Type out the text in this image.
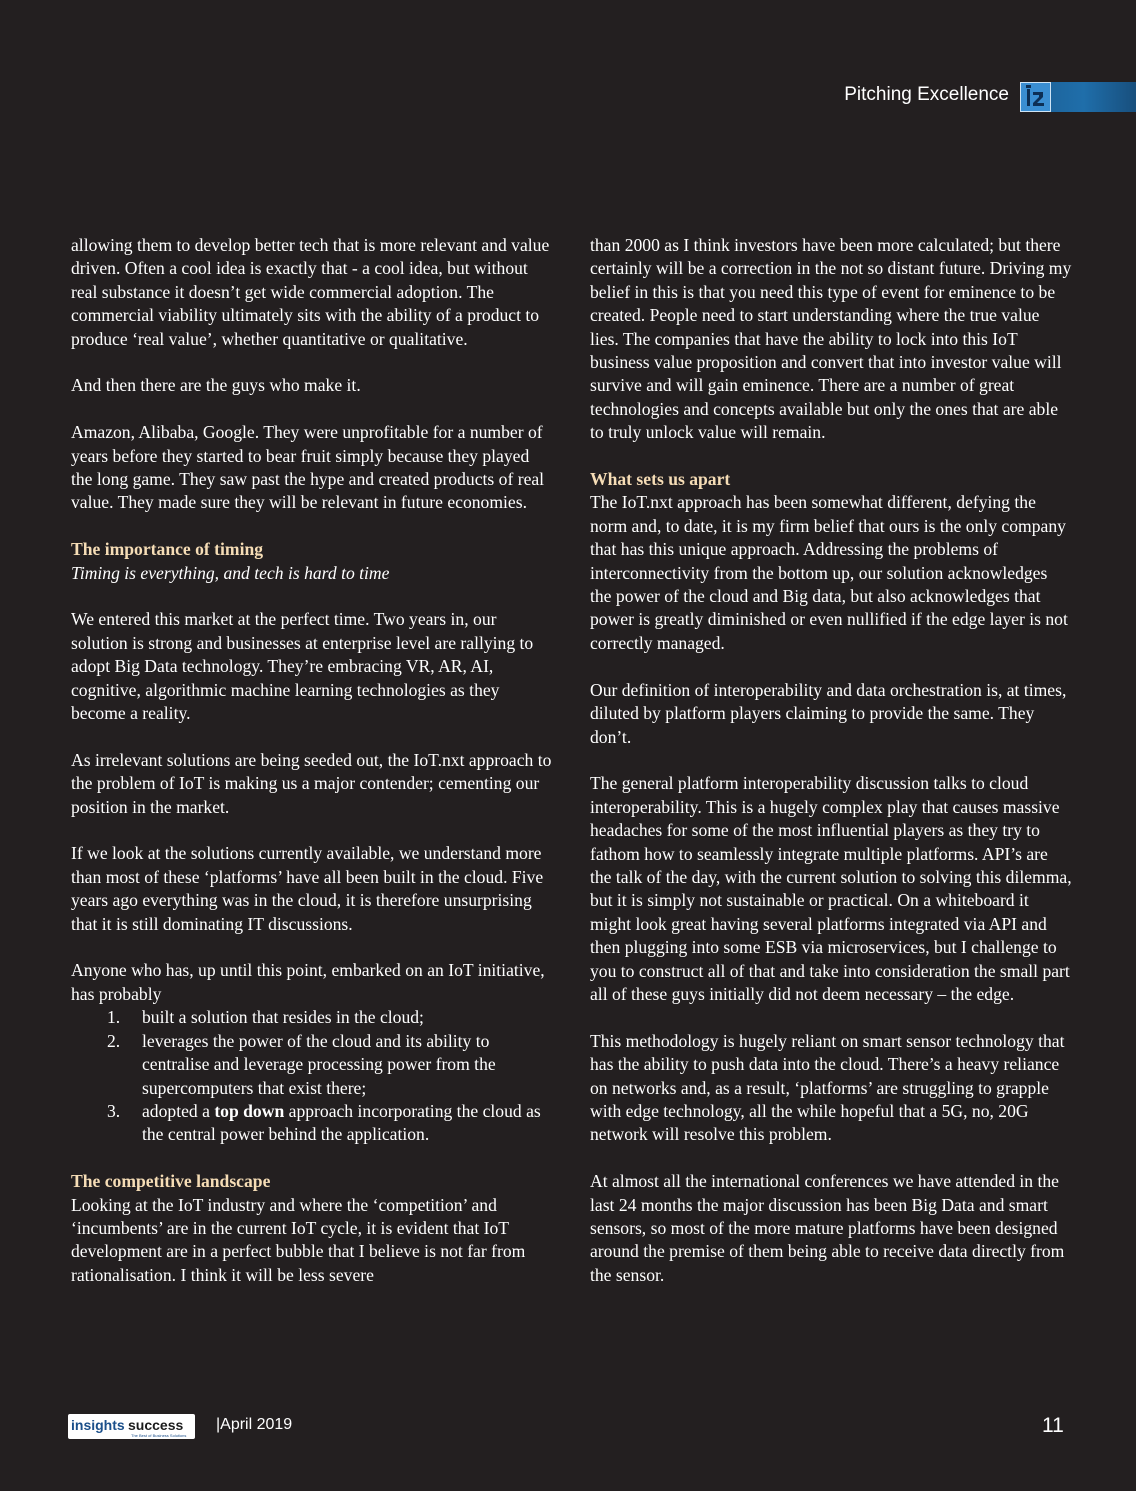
Pitching Excellence

allowing them to develop better tech that is more relevant and value driven. Often a cool idea is exactly that - a cool idea, but without real substance it doesn’t get wide commercial adoption. The commercial viability ultimately sits with the ability of a product to produce ‘real value’, whether quantitative or qualitative.

And then there are the guys who make it.

Amazon, Alibaba, Google. They were unprofitable for a number of years before they started to bear fruit simply because they played the long game. They saw past the hype and created products of real value. They made sure they will be relevant in future economies.

The importance of timing
Timing is everything, and tech is hard to time

We entered this market at the perfect time. Two years in, our solution is strong and businesses at enterprise level are rallying to adopt Big Data technology. They’re embracing VR, AR, AI, cognitive, algorithmic machine learning technologies as they become a reality.

As irrelevant solutions are being seeded out, the IoT.nxt approach to the problem of IoT is making us a major contender; cementing our position in the market.

If we look at the solutions currently available, we understand more than most of these ‘platforms’ have all been built in the cloud. Five years ago everything was in the cloud, it is therefore unsurprising that it is still dominating IT discussions.

Anyone who has, up until this point, embarked on an IoT initiative, has probably

1. built a solution that resides in the cloud;
2. leverages the power of the cloud and its ability to centralise and leverage processing power from the supercomputers that exist there;
3. adopted a top down approach incorporating the cloud as the central power behind the application.
The competitive landscape

Looking at the IoT industry and where the ‘competition’ and ‘incumbents’ are in the current IoT cycle, it is evident that IoT development are in a perfect bubble that I believe is not far from rationalisation. I think it will be less severe

than 2000 as I think investors have been more calculated; but there certainly will be a correction in the not so distant future. Driving my belief in this is that you need this type of event for eminence to be created. People need to start understanding where the true value lies. The companies that have the ability to lock into this IoT business value proposition and convert that into investor value will survive and will gain eminence. There are a number of great technologies and concepts available but only the ones that are able to truly unlock value will remain.

What sets us apart

The IoT.nxt approach has been somewhat different, defying the norm and, to date, it is my firm belief that ours is the only company that has this unique approach. Addressing the problems of interconnectivity from the bottom up, our solution acknowledges the power of the cloud and Big data, but also acknowledges that power is greatly diminished or even nullified if the edge layer is not correctly managed.

Our definition of interoperability and data orchestration is, at times, diluted by platform players claiming to provide the same. They don’t.

The general platform interoperability discussion talks to cloud interoperability. This is a hugely complex play that causes massive headaches for some of the most influential players as they try to fathom how to seamlessly integrate multiple platforms. API’s are the talk of the day, with the current solution to solving this dilemma, but it is simply not sustainable or practical. On a whiteboard it might look great having several platforms integrated via API and then plugging into some ESB via microservices, but I challenge to you to construct all of that and take into consideration the small part all of these guys initially did not deem necessary – the edge.

This methodology is hugely reliant on smart sensor technology that has the ability to push data into the cloud. There’s a heavy reliance on networks and, as a result, ‘platforms’ are struggling to grapple with edge technology, all the while hopeful that a 5G, no, 20G network will resolve this problem.

At almost all the international conferences we have attended in the last 24 months the major discussion has been Big Data and smart sensors, so most of the more mature platforms have been designed around the premise of them being able to receive data directly from the sensor.

insights success
The Best of Business Solutions
|April 2019	11
